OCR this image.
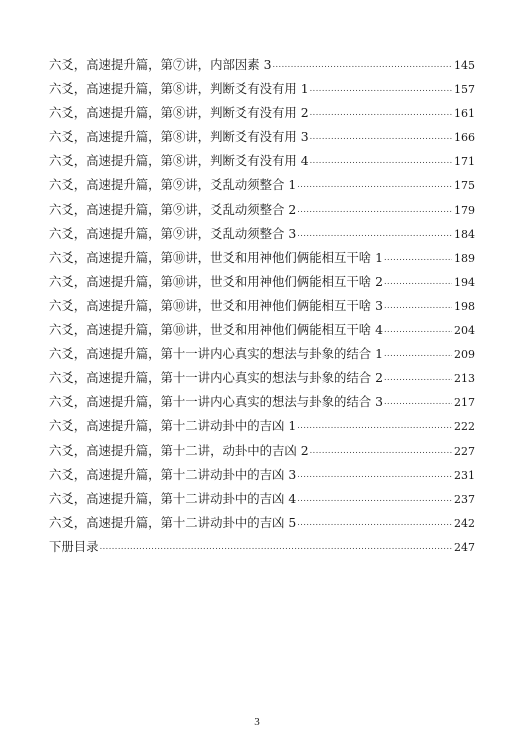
六爻，高速提升篇，第⑦讲，内部因素 3 .....	145
六爻，高速提升篇，第⑧讲，判断爻有没有用 1 .....	157
六爻，高速提升篇，第⑧讲，判断爻有没有用 2 .....	161
六爻，高速提升篇，第⑧讲，判断爻有没有用 3 .....	166
六爻，高速提升篇，第⑧讲，判断爻有没有用 4 .....	171
六爻，高速提升篇，第⑨讲，爻乱动须整合 1 .....	175
六爻，高速提升篇，第⑨讲，爻乱动须整合 2 .....	179
六爻，高速提升篇，第⑨讲，爻乱动须整合 3 .....	184
六爻，高速提升篇，第⑩讲，世爻和用神他们俩能相互干啥 1 .....	189
六爻，高速提升篇，第⑩讲，世爻和用神他们俩能相互干啥 2 .....	194
六爻，高速提升篇，第⑩讲，世爻和用神他们俩能相互干啥 3 .....	198
六爻，高速提升篇，第⑩讲，世爻和用神他们俩能相互干啥 4 .....	204
六爻，高速提升篇，第十一讲内心真实的想法与卦象的结合 1 .....	209
六爻，高速提升篇，第十一讲内心真实的想法与卦象的结合 2 .....	213
六爻，高速提升篇，第十一讲内心真实的想法与卦象的结合 3 .....	217
六爻，高速提升篇，第十二讲动卦中的吉凶 1 .....	222
六爻，高速提升篇，第十二讲，动卦中的吉凶 2 .....	227
六爻，高速提升篇，第十二讲动卦中的吉凶 3 .....	231
六爻，高速提升篇，第十二讲动卦中的吉凶 4 .....	237
六爻，高速提升篇，第十二讲动卦中的吉凶 5 .....	242
下册目录 .....	247
3
